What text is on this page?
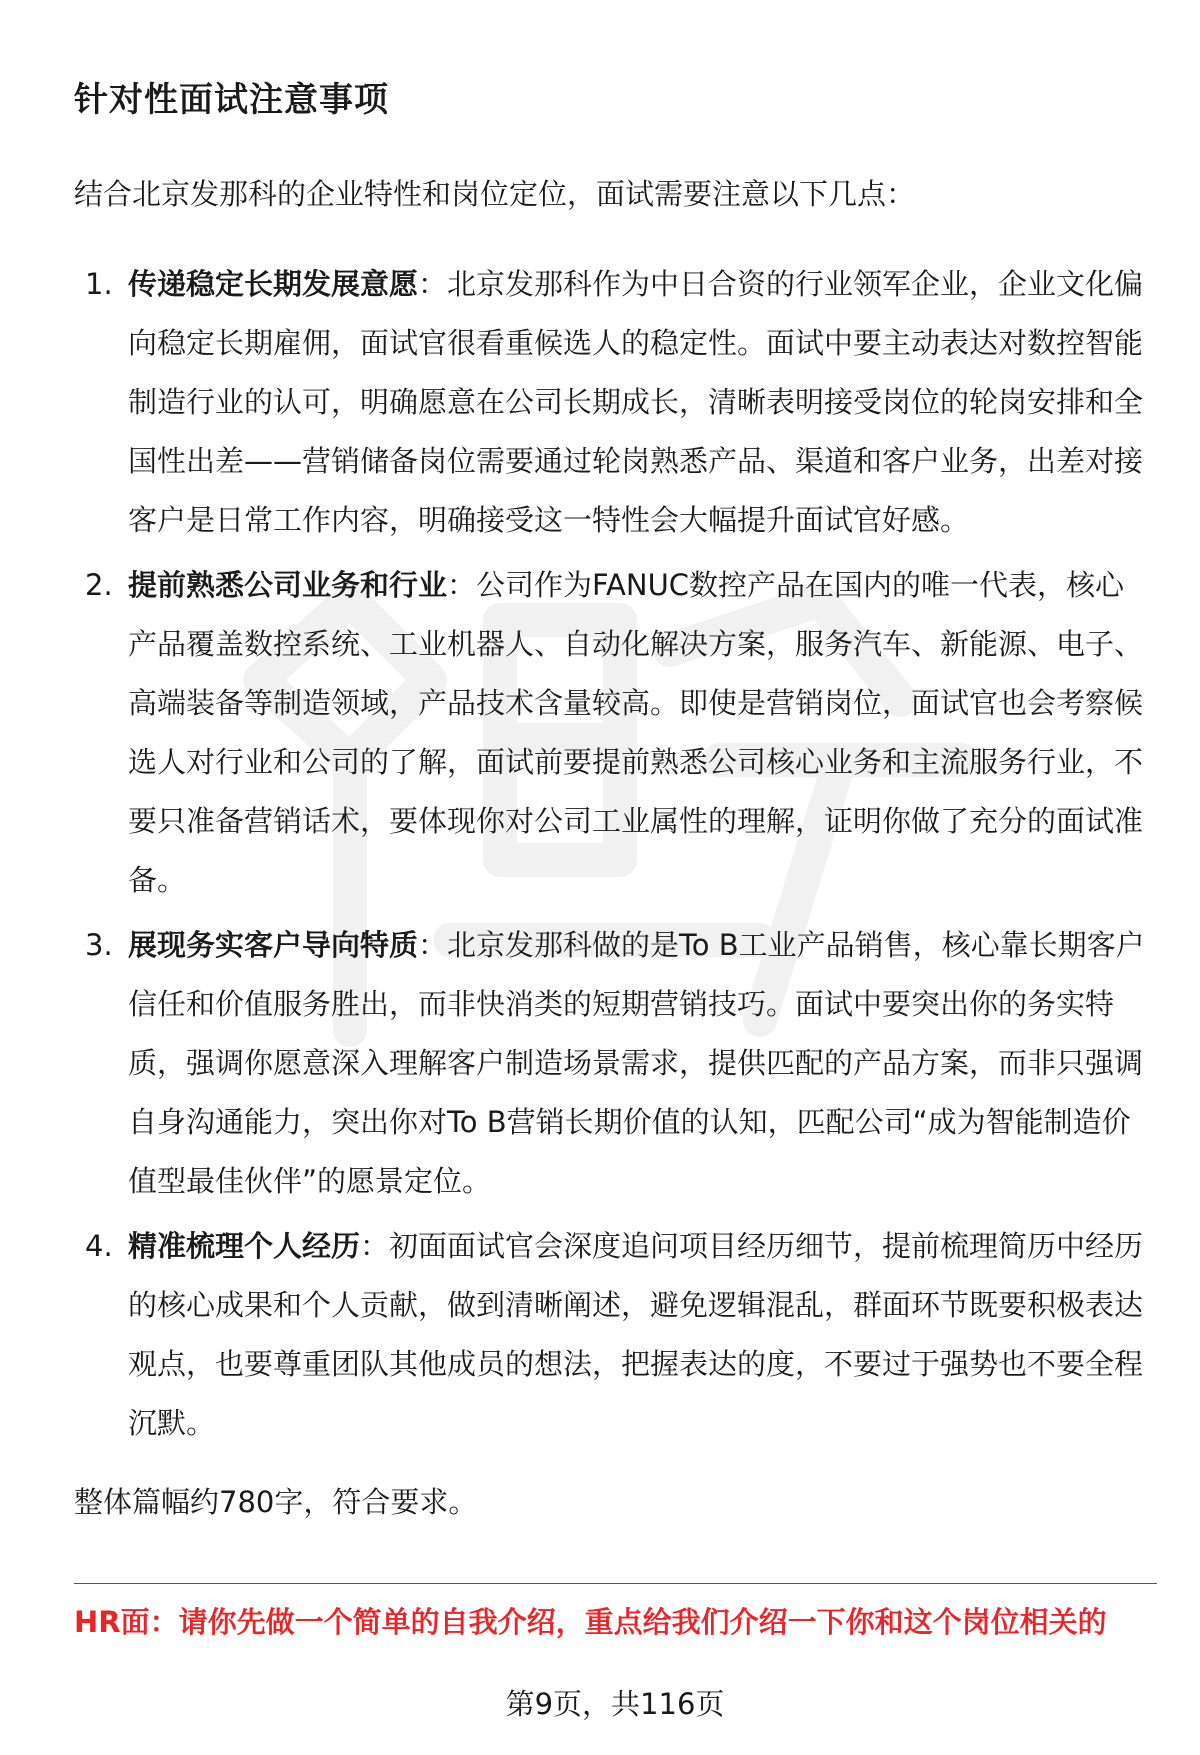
针对性面试注意事项

结合北京发那科的企业特性和岗位定位，面试需要注意以下几点：

1. 传递稳定长期发展意愿：北京发那科作为中日合资的行业领军企业，企业文化偏向稳定长期雇佣，面试官很看重候选人的稳定性。面试中要主动表达对数控智能制造行业的认可，明确愿意在公司长期成长，清晰表明接受岗位的轮岗安排和全国性出差——营销储备岗位需要通过轮岗熟悉产品、渠道和客户业务，出差对接客户是日常工作内容，明确接受这一特性会大幅提升面试官好感。
2. 提前熟悉公司业务和行业：公司作为FANUC数控产品在国内的唯一代表，核心产品覆盖数控系统、工业机器人、自动化解决方案，服务汽车、新能源、电子、高端装备等制造领域，产品技术含量较高。即使是营销岗位，面试官也会考察候选人对行业和公司的了解，面试前要提前熟悉公司核心业务和主流服务行业，不要只准备营销话术，要体现你对公司工业属性的理解，证明你做了充分的面试准备。
3. 展现务实客户导向特质：北京发那科做的是To B工业产品销售，核心靠长期客户信任和价值服务胜出，而非快消类的短期营销技巧。面试中要突出你的务实特质，强调你愿意深入理解客户制造场景需求，提供匹配的产品方案，而非只强调自身沟通能力，突出你对To B营销长期价值的认知，匹配公司“成为智能制造价值型最佳伙伴”的愿景定位。
4. 精准梳理个人经历：初面面试官会深度追问项目经历细节，提前梳理简历中经历的核心成果和个人贡献，做到清晰阐述，避免逻辑混乱，群面环节既要积极表达观点，也要尊重团队其他成员的想法，把握表达的度，不要过于强势也不要全程沉默。

整体篇幅约780字，符合要求。

HR面：请你先做一个简单的自我介绍，重点给我们介绍一下你和这个岗位相关的

第9页，共116页
